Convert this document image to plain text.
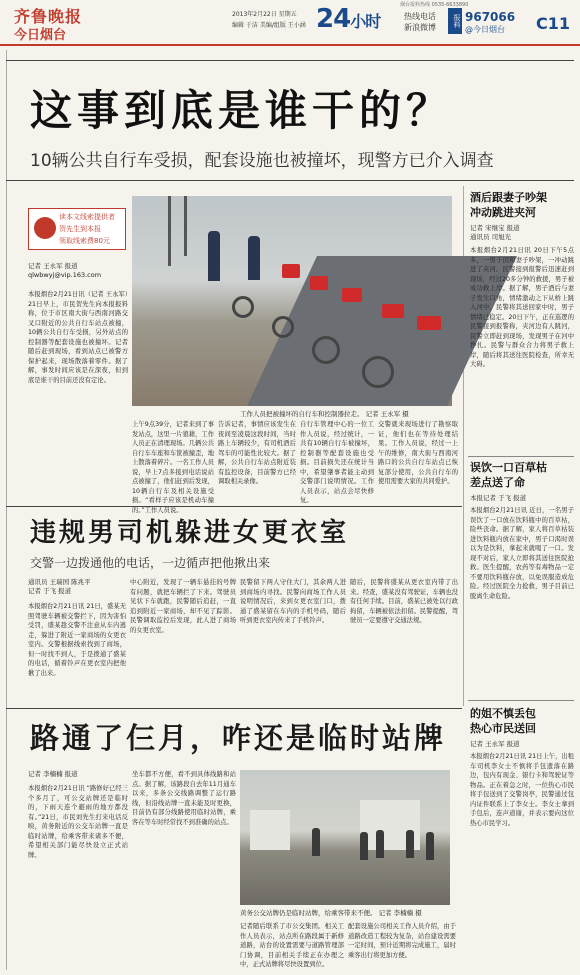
齐鲁晚报
今日烟台
烟台报料热线 0535-6633890
2013年2月22日 星期五
编辑 于洁 美编/组版 王小涵 24小时	热线电话
新浪微博	报料 967066
@今日烟台 C11
这事到底是谁干的？
10辆公共自行车受损，配套设施也被撞坏，现警方已介入调查
读本文线索提供者
贺先生到本报
领取线索费80元
记者 王永军 报道
qlwbwyj@vip.163.com
本报烟台2月21日讯（记者 王永军）21日早上，市民贺先生向本报报料称，位于市区南大街与西南河路交叉口附近的公共自行车站点被撞，10辆公共自行车受损，另外站点的控制器等配套设施也被撞坏。记者随后赶到现场，看到站点已被警方保护起来，现场散落着零件。据了解，事发时间应该是在深夜，但到底是谁干的目前还没有定论。
工作人员把被撞坏的自行车和控制器拉走。 记者 王永军 摄
上午9点39分，记者来到了事发站点，这里一片狼藉，工作人员正在清理现场。几辆公共自行车车座和车筐被撞歪，地上散落着碎片。一名工作人员说，早上7点多接到电话说站点被撞了，他们赶到后发现，10辆自行车及相关设施受损。“看样子应该是机动车撞的。”工作人员说。
告诉记者，事情应该发生在夜间至凌晨这段时间，当时路上车辆较少，有司机酒后驾车的可能性比较大。据了解，公共自行车站点附近装有监控设备，目前警方已经调取相关录像。
自行车管理中心的一位工作人员说，经过统计，一共有10辆自行车被撞坏，控制器等配套设施也受损。目前损失还在统计当中，希望肇事者能主动到交警部门说明情况。工作人员表示，站点会尽快修复。
交警就来现场进行了勘察取证，他们也在等待处理结果。工作人员说，经过一上午的维修，南大街与西南河路口的公共自行车站点已恢复部分使用，公共自行车的使用需要大家的共同爱护。
酒后跟妻子吵架
冲动跳进夹河
记者 宋继宝 报道
通讯员 司旭光
本报烟台2月21日讯 20日下午5点多，一男子因和妻子吵架，一冲动跳进了夹河。民警接到报警后迅速赶到现场，经过20多分钟的救援，男子被成功救上岸。据了解，男子酒后与妻子发生口角，情绪激动之下从桥上跳入河中。民警将其送回家中时，男子情绪已稳定。20日下午，正在巡逻的民警接到报警称，夹河边有人跳河，民警立即赶到现场，发现男子在河中挣扎。民警与群众合力将男子救上岸，随后将其送往医院检查，所幸无大碍。
误饮一口百草枯
差点送了命
本报记者 于飞 报道
本报烟台2月21日讯 近日，一名男子误饮了一口放在饮料瓶中的百草枯，险些丧命。据了解，家人将百草枯装进饮料瓶内放在家中，男子口渴时误以为是饮料，拿起来就喝了一口。发现不对后，家人立即将其送往医院抢救。医生提醒，农药等有毒物品一定不要用饮料瓶存放，以免误服造成危险。经过医院全力抢救，男子目前已脱离生命危险。
的姐不慎丢包
热心市民送回
记者 王永军 报道
本报烟台2月21日讯 21日上午，出租车司机李女士不慎将手包遗落在路边，包内有现金、银行卡和驾驶证等物品。正在着急之时，一位热心市民将手包送到了交警岗亭，民警通过包内证件联系上了李女士。李女士拿到手包后，连声道谢，并表示要向这位热心市民学习。
违规男司机躲进女更衣室
交警一边拨通他的电话，一边循声把他揪出来
通讯员 王瑞国 陈兆平
记者 于飞 报道
本报烟台2月21日讯 21日，盛某无照驾驶车辆被交警拦下，因为害怕受罚，盛某趁交警不注意从车内逃走，躲进了附近一家商场的女更衣室内。交警根据线索找到了商场，但一时找不到人，于是拨通了盛某的电话，循着铃声在更衣室内把他揪了出来。
中心附近，发现了一辆车悬挂的号牌有问题，就把车辆拦了下来。驾驶员见状下车就跑，民警随后追赶，一直追到附近一家商场，却不见了踪影。民警调取监控后发现，此人进了商场的女更衣室。
民警留下两人守住大门，其余两人进到商场内寻找。民警向商场工作人员说明情况后，来到女更衣室门口，拨通了盛某留在车内的手机号码，随后听到更衣室内传来了手机铃声。
随后，民警将盛某从更衣室内带了出来。经查，盛某没有驾驶证，车辆也没有任何手续。目前，盛某已被处以行政拘留，车辆被依法扣留。民警提醒，驾驶员一定要遵守交通法规。
路通了仨月，咋还是临时站牌
记者 李楠楠 报道
本报烟台2月21日讯 “路修好已经三个多月了，可公交站牌还是临时的，下雨天连个避雨的地方都没有。”21日，市民刘先生打来电话反映，黄务附近的公交车站牌一直是临时站牌，给乘客带来诸多不便，希望相关部门能尽快设立正式站牌。
坐车都不方便，看不到具体线路和站点。据了解，该路段自去年11月通车以来，多条公交线路调整了运行路线，但沿线站牌一直未能及时更换，目前仍有部分线路使用临时站牌，乘客在等车时经常找不到准确的站点。
黄务公交站牌仍是临时站牌，给乘客带来不便。 记者 李楠楠 摄
记者随后联系了市公交集团。相关工作人员表示，站点所在路段属于新修道路，站台的设置需要与道路管理部门协调，目前相关手续正在办理之中，正式站牌将尽快设置到位。
配套设施公司相关工作人员介绍，由于道路改造工程较为复杂，站台建设需要一定时间，预计近期将完成施工，届时乘客出行将更加方便。
